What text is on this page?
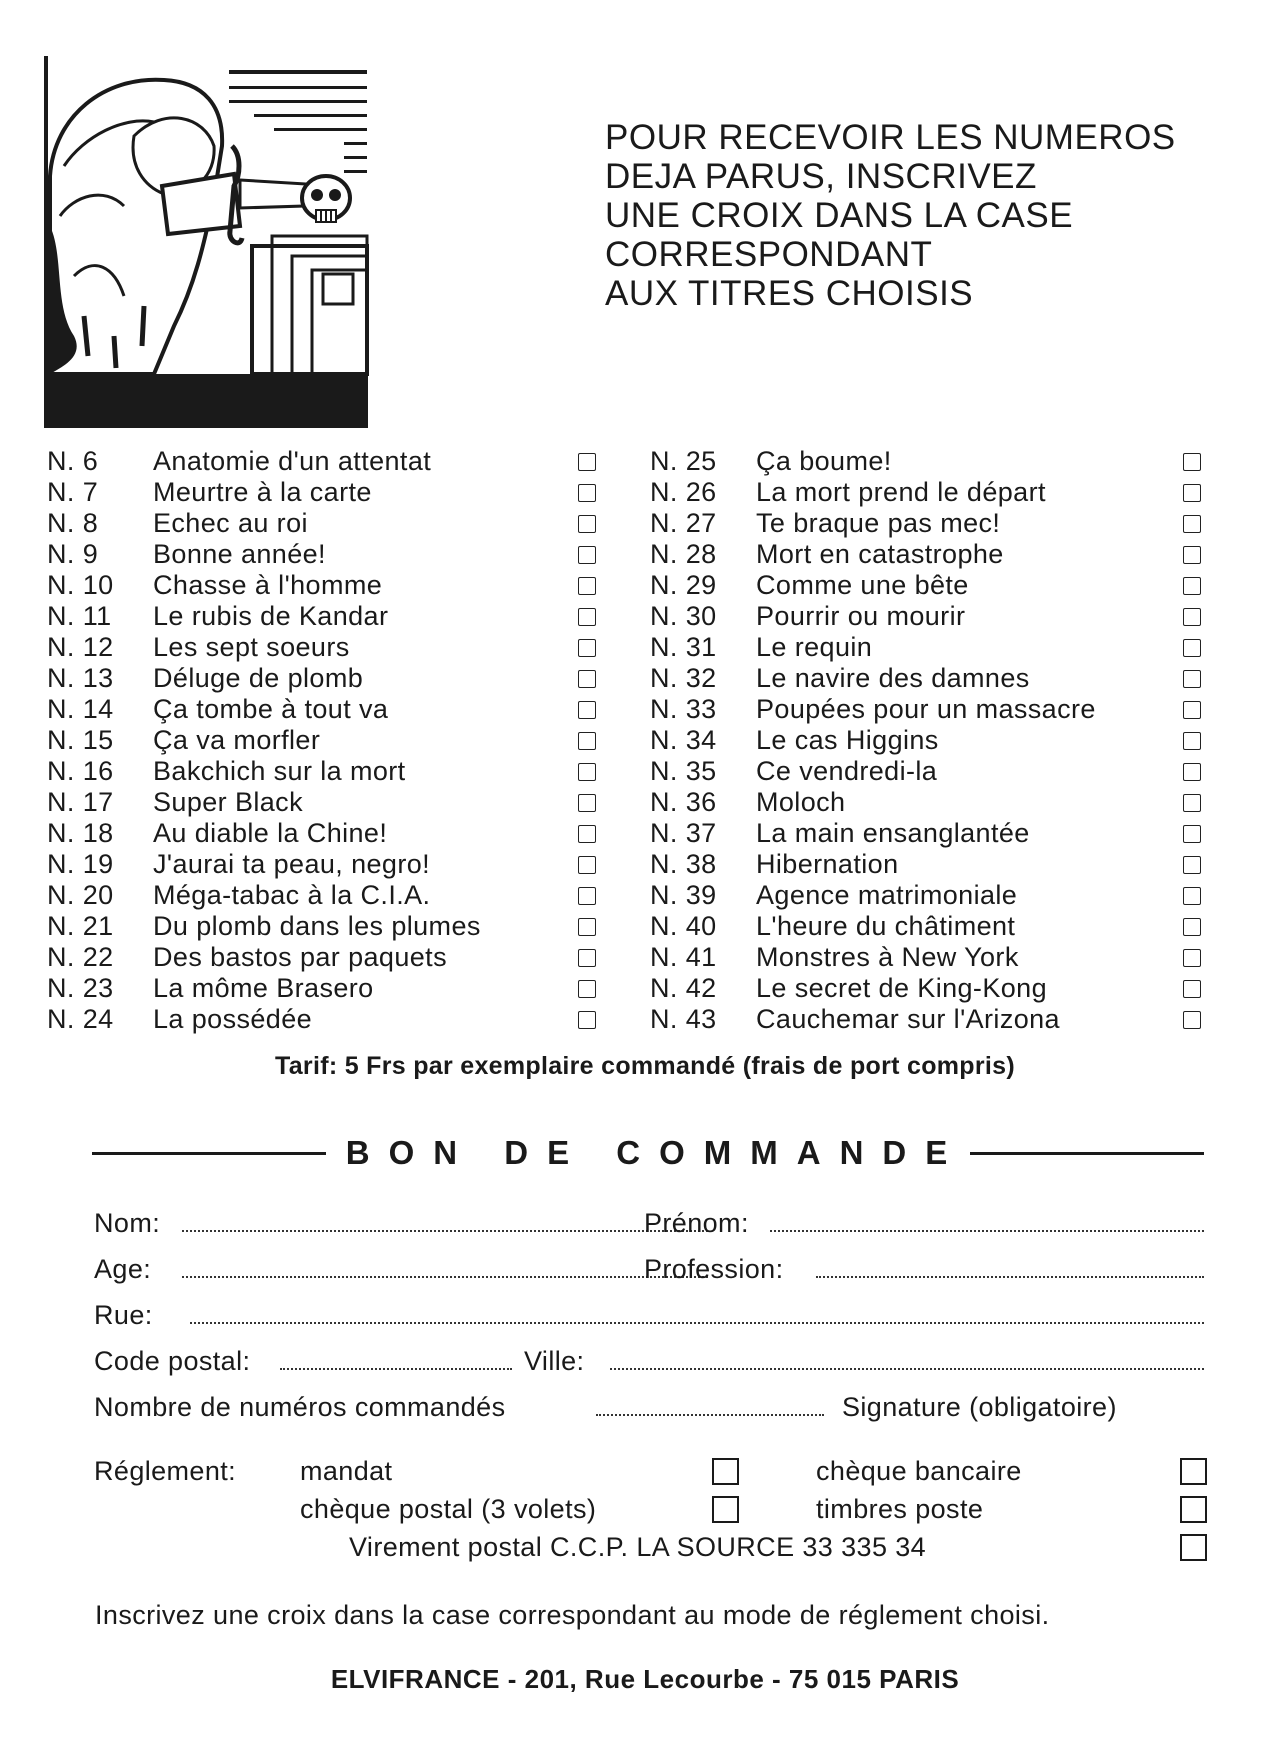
POUR RECEVOIR LES NUMEROS
DEJA PARUS, INSCRIVEZ
UNE CROIX DANS LA CASE
CORRESPONDANT
AUX TITRES CHOISIS
N. 6	Anatomie d'un attentat
N. 7	Meurtre à la carte
N. 8	Echec au roi
N. 9	Bonne année!
N. 10	Chasse à l'homme
N. 11	Le rubis de Kandar
N. 12	Les sept soeurs
N. 13	Déluge de plomb
N. 14	Ça tombe à tout va
N. 15	Ça va morfler
N. 16	Bakchich sur la mort
N. 17	Super Black
N. 18	Au diable la Chine!
N. 19	J'aurai ta peau, negro!
N. 20	Méga-tabac à la C.I.A.
N. 21	Du plomb dans les plumes
N. 22	Des bastos par paquets
N. 23	La môme Brasero
N. 24	La possédée
N. 25	Ça boume!
N. 26	La mort prend le départ
N. 27	Te braque pas mec!
N. 28	Mort en catastrophe
N. 29	Comme une bête
N. 30	Pourrir ou mourir
N. 31	Le requin
N. 32	Le navire des damnes
N. 33	Poupées pour un massacre
N. 34	Le cas Higgins
N. 35	Ce vendredi-la
N. 36	Moloch
N. 37	La main ensanglantée
N. 38	Hibernation
N. 39	Agence matrimoniale
N. 40	L'heure du châtiment
N. 41	Monstres à New York
N. 42	Le secret de King-Kong
N. 43	Cauchemar sur l'Arizona
Tarif: 5 Frs par exemplaire commandé (frais de port compris)
BON DE COMMANDE
Nom:	Prénom:
Age:	Profession:
Rue:
Code postal:	Ville:
Nombre de numéros commandés	Signature (obligatoire)
Réglement: mandat	chèque bancaire
chèque postal (3 volets)	timbres poste
Virement postal C.C.P. LA SOURCE 33 335 34
Inscrivez une croix dans la case correspondant au mode de réglement choisi.
ELVIFRANCE - 201, Rue Lecourbe - 75 015 PARIS
